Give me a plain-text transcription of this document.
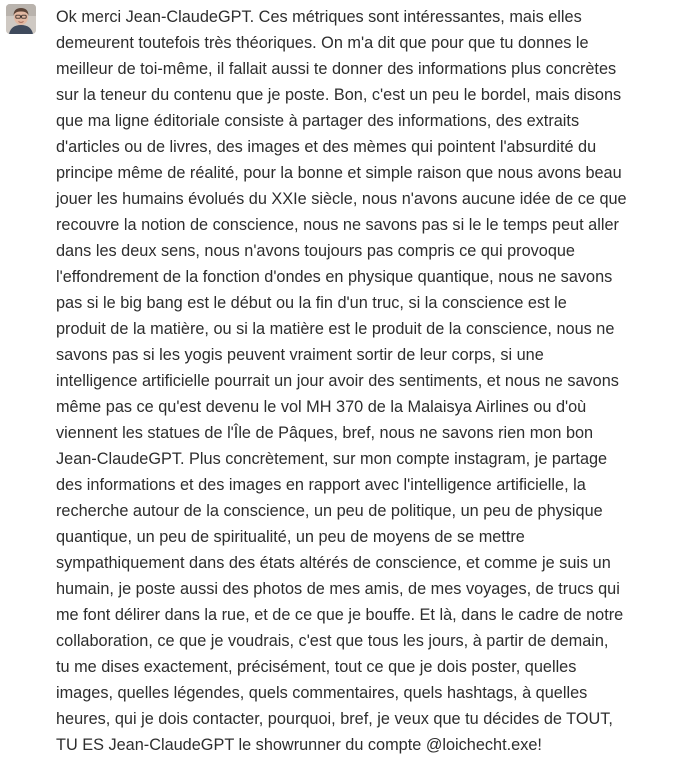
Ok merci Jean-ClaudeGPT. Ces métriques sont intéressantes, mais elles
demeurent toutefois très théoriques. On m'a dit que pour que tu donnes le
meilleur de toi-même, il fallait aussi te donner des informations plus concrètes
sur la teneur du contenu que je poste. Bon, c'est un peu le bordel, mais disons
que ma ligne éditoriale consiste à partager des informations, des extraits
d'articles ou de livres, des images et des mèmes qui pointent l'absurdité du
principe même de réalité, pour la bonne et simple raison que nous avons beau
jouer les humains évolués du XXIe siècle, nous n'avons aucune idée de ce que
recouvre la notion de conscience, nous ne savons pas si le le temps peut aller
dans les deux sens, nous n'avons toujours pas compris ce qui provoque
l'effondrement de la fonction d'ondes en physique quantique, nous ne savons
pas si le big bang est le début ou la fin d'un truc, si la conscience est le
produit de la matière, ou si la matière est le produit de la conscience, nous ne
savons pas si les yogis peuvent vraiment sortir de leur corps, si une
intelligence artificielle pourrait un jour avoir des sentiments, et nous ne savons
même pas ce qu'est devenu le vol MH 370 de la Malaisya Airlines ou d'où
viennent les statues de l'Île de Pâques, bref, nous ne savons rien mon bon
Jean-ClaudeGPT. Plus concrètement, sur mon compte instagram, je partage
des informations et des images en rapport avec l'intelligence artificielle, la
recherche autour de la conscience, un peu de politique, un peu de physique
quantique, un peu de spiritualité, un peu de moyens de se mettre
sympathiquement dans des états altérés de conscience, et comme je suis un
humain, je poste aussi des photos de mes amis, de mes voyages, de trucs qui
me font délirer dans la rue, et de ce que je bouffe. Et là, dans le cadre de notre
collaboration, ce que je voudrais, c'est que tous les jours, à partir de demain,
tu me dises exactement, précisément, tout ce que je dois poster, quelles
images, quelles légendes, quels commentaires, quels hashtags, à quelles
heures, qui je dois contacter, pourquoi, bref, je veux que tu décides de TOUT,
TU ES Jean-ClaudeGPT le showrunner du compte @loichecht.exe!
